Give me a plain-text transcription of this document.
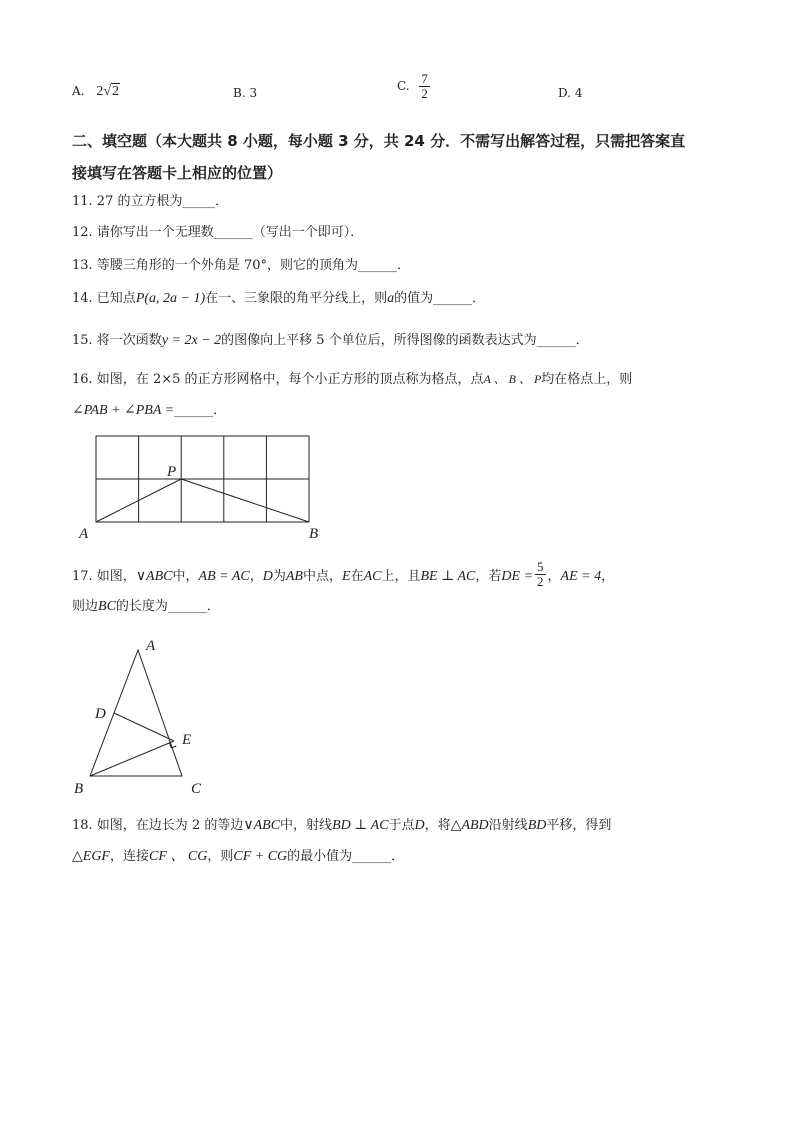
A. 2√2	B. 3	C. $\frac{7}{2}$	D. 4
二、填空题（本大题共 8 小题，每小题 3 分，共 24 分．不需写出解答过程，只需把答案直
接填写在答题卡上相应的位置）
11. 27 的立方根为_____．
12. 请你写出一个无理数______（写出一个即可）．
13. 等腰三角形的一个外角是 70°，则它的顶角为______．
14. 已知点P(a, 2a − 1)在一、三象限的角平分线上，则a的值为______．
15. 将一次函数y = 2x − 2的图像向上平移 5 个单位后，所得图像的函数表达式为______．
16. 如图，在 2×5 的正方形网格中，每个小正方形的顶点称为格点，点A 、 B 、 P均在格点上，则
∠PAB + ∠PBA =______．
P
A	B
17. 如图，∨ABC中，AB = AC，D为AB中点，E在AC上，且BE ⊥ AC，若DE = $\frac{5}{2}$ ，AE = 4，
则边BC的长度为______．
A
D
E
B	C
18. 如图，在边长为 2 的等边∨ABC中，射线BD ⊥ AC于点D，将△ABD沿射线BD平移，得到
△EGF，连接CF 、 CG，则CF + CG的最小值为______．
